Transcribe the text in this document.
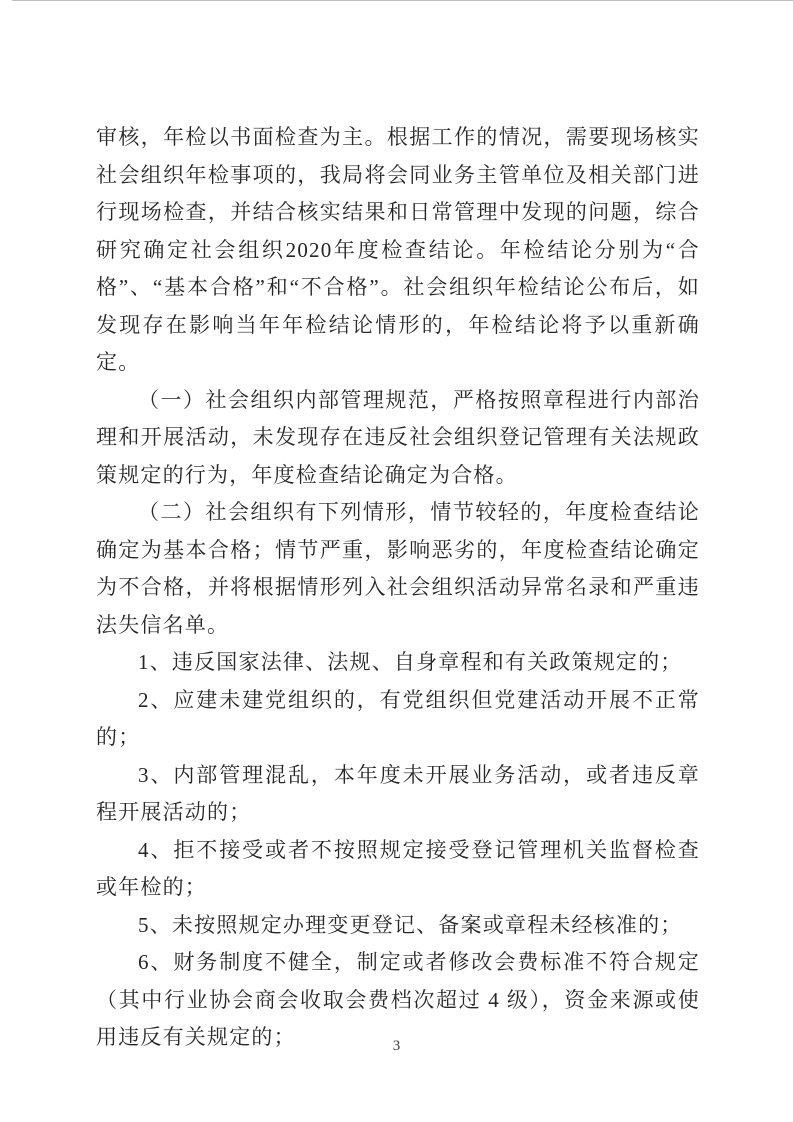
审核，年检以书面检查为主。根据工作的情况，需要现场核实社会组织年检事项的，我局将会同业务主管单位及相关部门进行现场检查，并结合核实结果和日常管理中发现的问题，综合研究确定社会组织2020年度检查结论。年检结论分别为“合格”、“基本合格”和“不合格”。社会组织年检结论公布后，如发现存在影响当年年检结论情形的，年检结论将予以重新确定。

（一）社会组织内部管理规范，严格按照章程进行内部治理和开展活动，未发现存在违反社会组织登记管理有关法规政策规定的行为，年度检查结论确定为合格。

（二）社会组织有下列情形，情节较轻的，年度检查结论确定为基本合格；情节严重，影响恶劣的，年度检查结论确定为不合格，并将根据情形列入社会组织活动异常名录和严重违法失信名单。

1、违反国家法律、法规、自身章程和有关政策规定的；

2、应建未建党组织的，有党组织但党建活动开展不正常的；

3、内部管理混乱，本年度未开展业务活动，或者违反章程开展活动的；

4、拒不接受或者不按照规定接受登记管理机关监督检查或年检的；

5、未按照规定办理变更登记、备案或章程未经核准的；

6、财务制度不健全，制定或者修改会费标准不符合规定（其中行业协会商会收取会费档次超过 4 级），资金来源或使用违反有关规定的；	3
